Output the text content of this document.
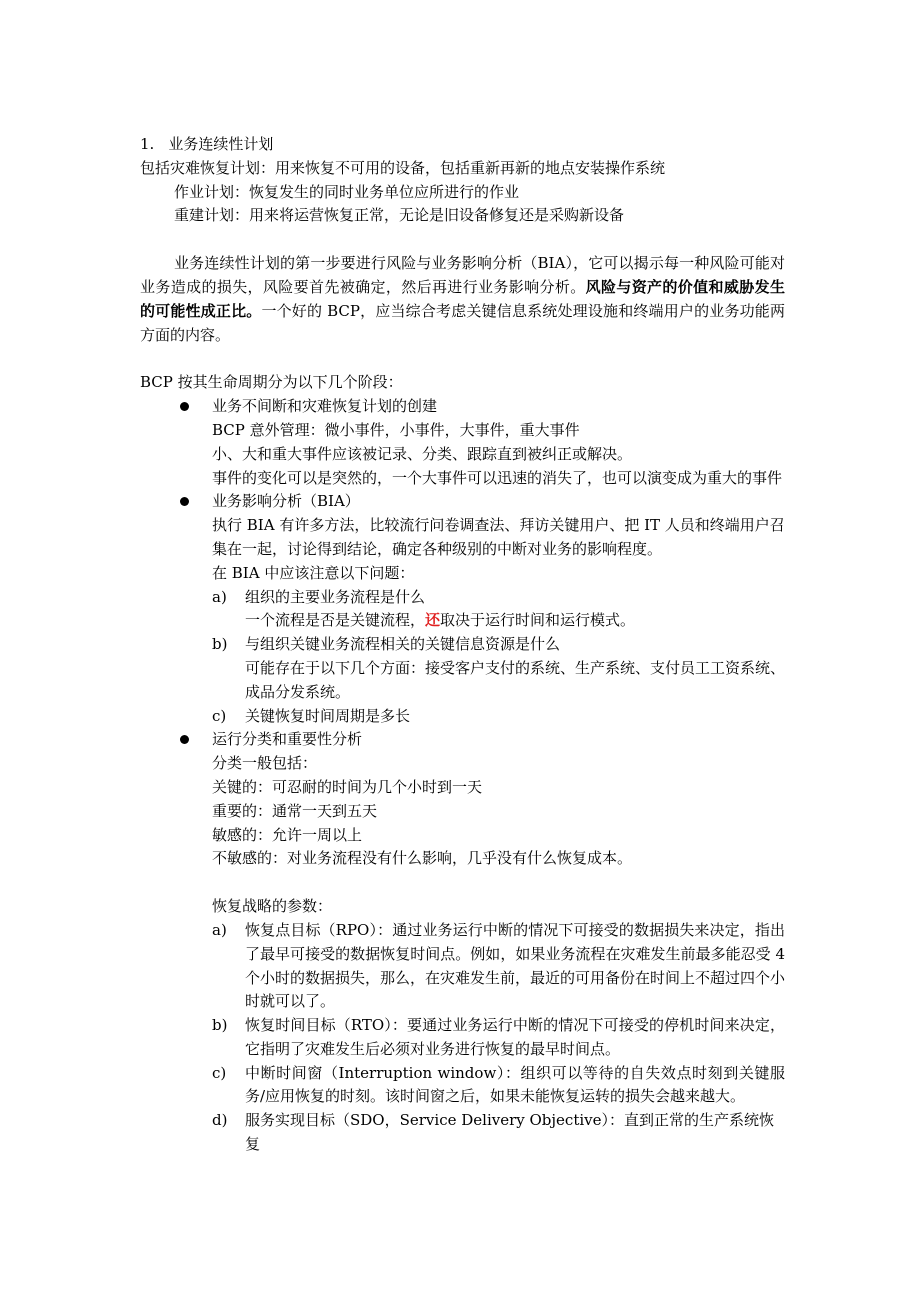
1. 业务连续性计划

包括灾难恢复计划：用来恢复不可用的设备，包括重新再新的地点安装操作系统

作业计划：恢复发生的同时业务单位应所进行的作业

重建计划：用来将运营恢复正常，无论是旧设备修复还是采购新设备

业务连续性计划的第一步要进行风险与业务影响分析（BIA），它可以揭示每一种风险可能对业务造成的损失，风险要首先被确定，然后再进行业务影响分析。风险与资产的价值和威胁发生的可能性成正比。一个好的 BCP，应当综合考虑关键信息系统处理设施和终端用户的业务功能两方面的内容。

BCP 按其生命周期分为以下几个阶段：

业务不间断和灾难恢复计划的创建

BCP 意外管理：微小事件，小事件，大事件，重大事件

小、大和重大事件应该被记录、分类、跟踪直到被纠正或解决。

事件的变化可以是突然的，一个大事件可以迅速的消失了，也可以演变成为重大的事件

业务影响分析（BIA）

执行 BIA 有许多方法，比较流行问卷调查法、拜访关键用户、把 IT 人员和终端用户召集在一起，讨论得到结论，确定各种级别的中断对业务的影响程度。

在 BIA 中应该注意以下问题：

a) 组织的主要业务流程是什么

一个流程是否是关键流程，还取决于运行时间和运行模式。

b) 与组织关键业务流程相关的关键信息资源是什么

可能存在于以下几个方面：接受客户支付的系统、生产系统、支付员工工资系统、成品分发系统。

c) 关键恢复时间周期是多长

运行分类和重要性分析

分类一般包括：

关键的：可忍耐的时间为几个小时到一天

重要的：通常一天到五天

敏感的：允许一周以上

不敏感的：对业务流程没有什么影响，几乎没有什么恢复成本。

恢复战略的参数：

a) 恢复点目标（RPO）：通过业务运行中断的情况下可接受的数据损失来决定，指出了最早可接受的数据恢复时间点。例如，如果业务流程在灾难发生前最多能忍受 4 个小时的数据损失，那么，在灾难发生前，最近的可用备份在时间上不超过四个小时就可以了。

b) 恢复时间目标（RTO）：要通过业务运行中断的情况下可接受的停机时间来决定，它指明了灾难发生后必须对业务进行恢复的最早时间点。

c) 中断时间窗（Interruption window）：组织可以等待的自失效点时刻到关键服务/应用恢复的时刻。该时间窗之后，如果未能恢复运转的损失会越来越大。

d) 服务实现目标（SDO，Service Delivery Objective）：直到正常的生产系统恢复
